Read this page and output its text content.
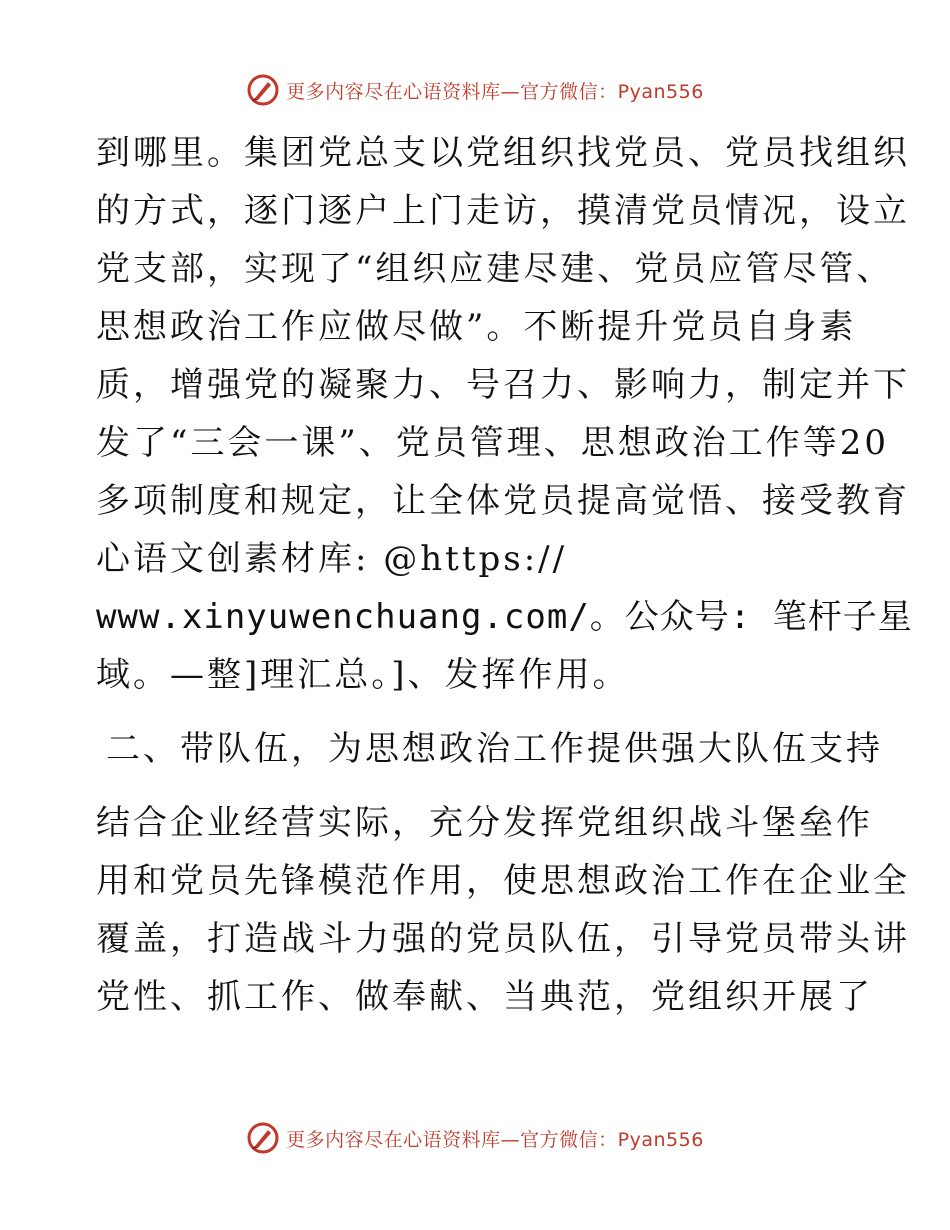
更多内容尽在心语资料库—官方微信：Pyan556
到哪里。集团党总支以党组织找党员、党员找组织
的方式，逐门逐户上门走访，摸清党员情况，设立
党支部，实现了“组织应建尽建、党员应管尽管、
思想政治工作应做尽做”。不断提升党员自身素
质，增强党的凝聚力、号召力、影响力，制定并下
发了“三会一课”、党员管理、思想政治工作等20
多项制度和规定，让全体党员提高觉悟、接受教育
心语文创素材库: @https://
www.xinyuwenchuang.com/。公众号: 笔杆子星
域。—整]理汇总。]、发挥作用。
二、带队伍，为思想政治工作提供强大队伍支持
结合企业经营实际，充分发挥党组织战斗堡垒作
用和党员先锋模范作用，使思想政治工作在企业全
覆盖，打造战斗力强的党员队伍，引导党员带头讲
党性、抓工作、做奉献、当典范，党组织开展了
更多内容尽在心语资料库—官方微信：Pyan556
